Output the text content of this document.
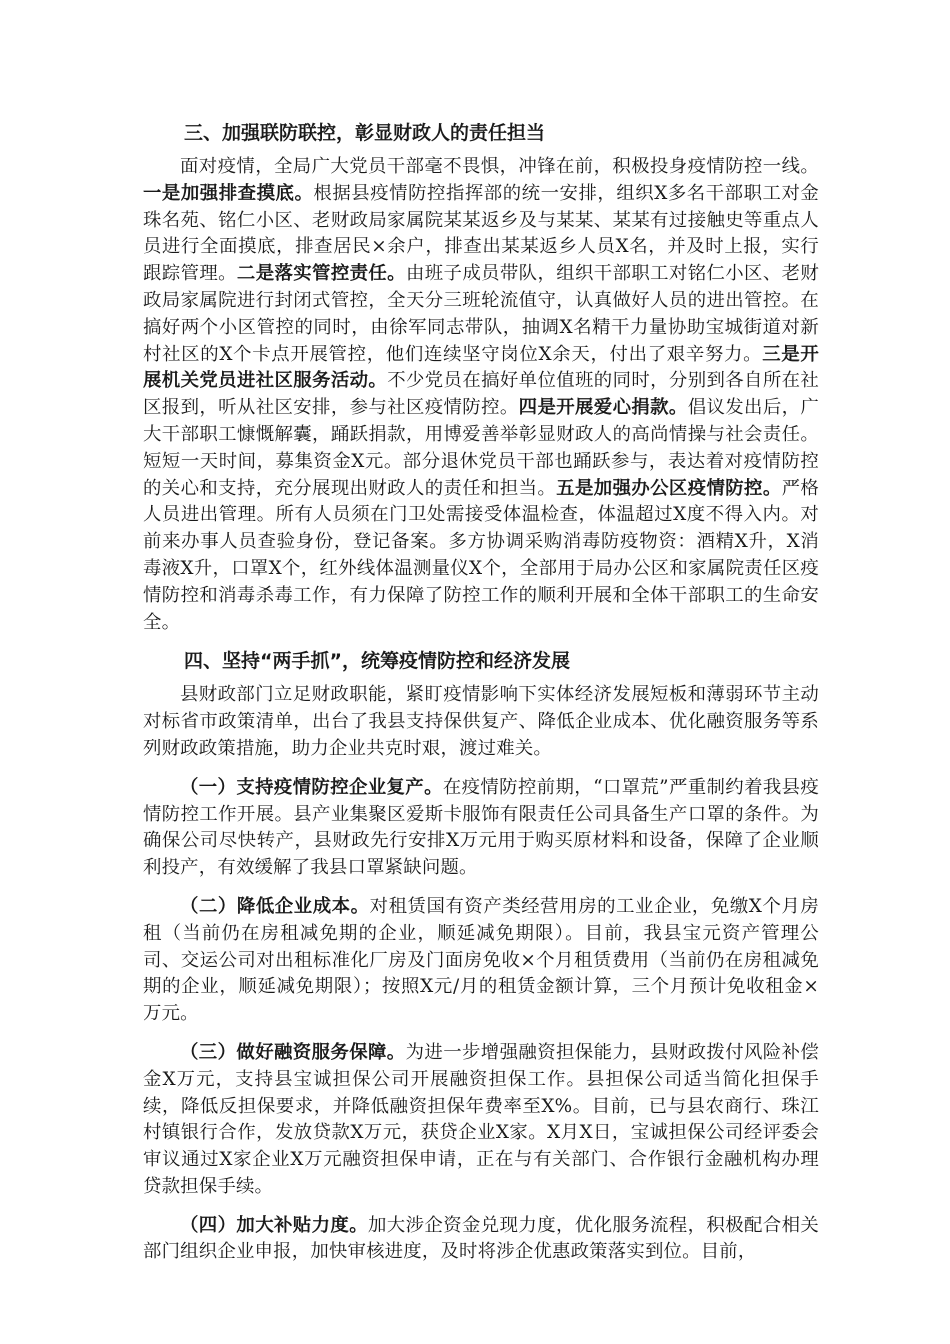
三、加强联防联控，彰显财政人的责任担当

面对疫情，全局广大党员干部毫不畏惧，冲锋在前，积极投身疫情防控一线。一是加强排查摸底。根据县疫情防控指挥部的统一安排，组织X多名干部职工对金珠名苑、铭仁小区、老财政局家属院某某返乡及与某某、某某有过接触史等重点人员进行全面摸底，排查居民×余户，排查出某某返乡人员X名，并及时上报，实行跟踪管理。二是落实管控责任。由班子成员带队，组织干部职工对铭仁小区、老财政局家属院进行封闭式管控，全天分三班轮流值守，认真做好人员的进出管控。在搞好两个小区管控的同时，由徐军同志带队，抽调X名精干力量协助宝城街道对新村社区的X个卡点开展管控，他们连续坚守岗位X余天，付出了艰辛努力。三是开展机关党员进社区服务活动。不少党员在搞好单位值班的同时，分别到各自所在社区报到，听从社区安排，参与社区疫情防控。四是开展爱心捐款。倡议发出后，广大干部职工慷慨解囊，踊跃捐款，用博爱善举彰显财政人的高尚情操与社会责任。短短一天时间，募集资金X元。部分退休党员干部也踊跃参与，表达着对疫情防控的关心和支持，充分展现出财政人的责任和担当。五是加强办公区疫情防控。严格人员进出管理。所有人员须在门卫处需接受体温检查，体温超过X度不得入内。对前来办事人员查验身份，登记备案。多方协调采购消毒防疫物资：酒精X升，X消毒液X升，口罩X个，红外线体温测量仪X个，全部用于局办公区和家属院责任区疫情防控和消毒杀毒工作，有力保障了防控工作的顺利开展和全体干部职工的生命安全。

四、坚持“两手抓”，统筹疫情防控和经济发展

县财政部门立足财政职能，紧盯疫情影响下实体经济发展短板和薄弱环节主动对标省市政策清单，出台了我县支持保供复产、降低企业成本、优化融资服务等系列财政政策措施，助力企业共克时艰，渡过难关。

（一）支持疫情防控企业复产。在疫情防控前期，“口罩荒”严重制约着我县疫情防控工作开展。县产业集聚区爱斯卡服饰有限责任公司具备生产口罩的条件。为确保公司尽快转产，县财政先行安排X万元用于购买原材料和设备，保障了企业顺利投产，有效缓解了我县口罩紧缺问题。

（二）降低企业成本。对租赁国有资产类经营用房的工业企业，免缴X个月房租（当前仍在房租减免期的企业，顺延减免期限）。目前，我县宝元资产管理公司、交运公司对出租标准化厂房及门面房免收×个月租赁费用（当前仍在房租减免期的企业，顺延减免期限）；按照X元/月的租赁金额计算，三个月预计免收租金×万元。

（三）做好融资服务保障。为进一步增强融资担保能力，县财政拨付风险补偿金X万元，支持县宝诚担保公司开展融资担保工作。县担保公司适当简化担保手续，降低反担保要求，并降低融资担保年费率至X%。目前，已与县农商行、珠江村镇银行合作，发放贷款X万元，获贷企业X家。X月X日，宝诚担保公司经评委会审议通过X家企业X万元融资担保申请，正在与有关部门、合作银行金融机构办理贷款担保手续。

（四）加大补贴力度。加大涉企资金兑现力度，优化服务流程，积极配合相关部门组织企业申报，加快审核进度，及时将涉企优惠政策落实到位。目前，
